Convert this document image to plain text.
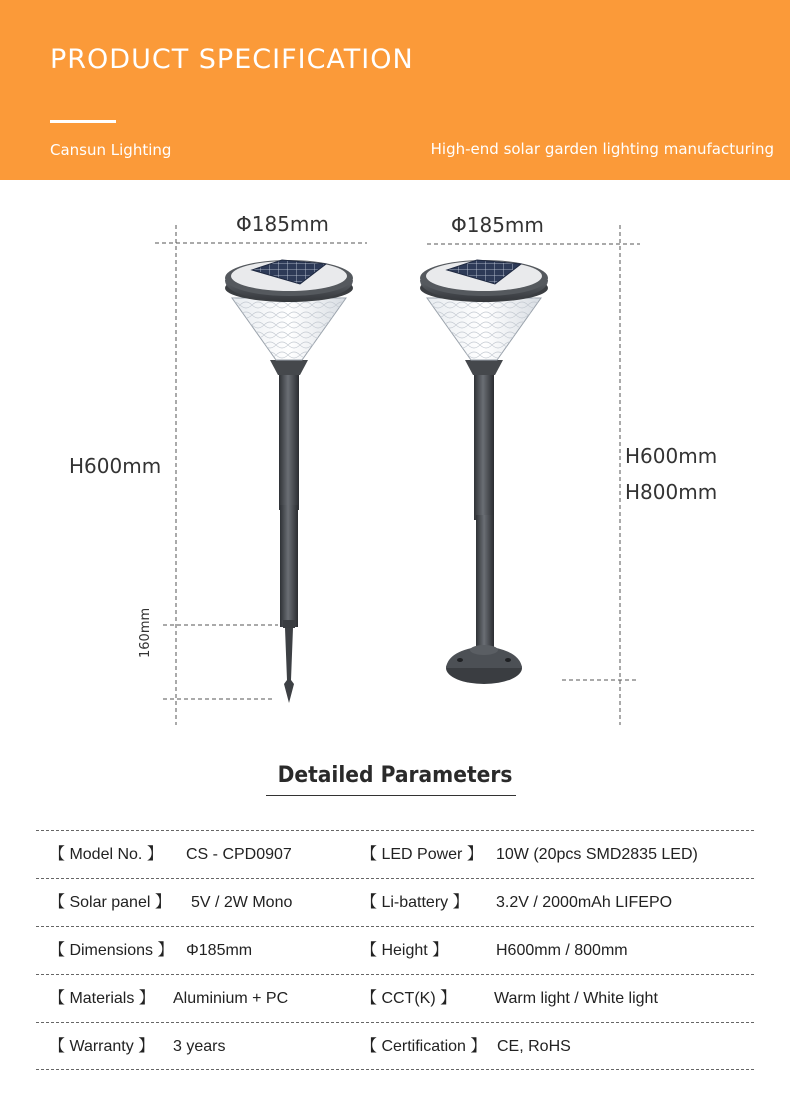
PRODUCT SPECIFICATION
Cansun Lighting	High-end solar garden lighting manufacturing
Φ185mm
H600mm
160mm
Φ185mm
H600mm
H800mm
Detailed Parameters
【 Model No. 】 CS - CPD0907	【 LED Power 】 10W (20pcs SMD2835 LED)
【 Solar panel 】 5V / 2W Mono	【 Li-battery 】 3.2V / 2000mAh LIFEPO
【 Dimensions 】 Φ185mm	【 Height 】	H600mm / 800mm
【 Materials 】 Aluminium + PC	【 CCT(K) 】 Warm light / White light
【 Warranty 】 3 years	【 Certification 】 CE, RoHS
